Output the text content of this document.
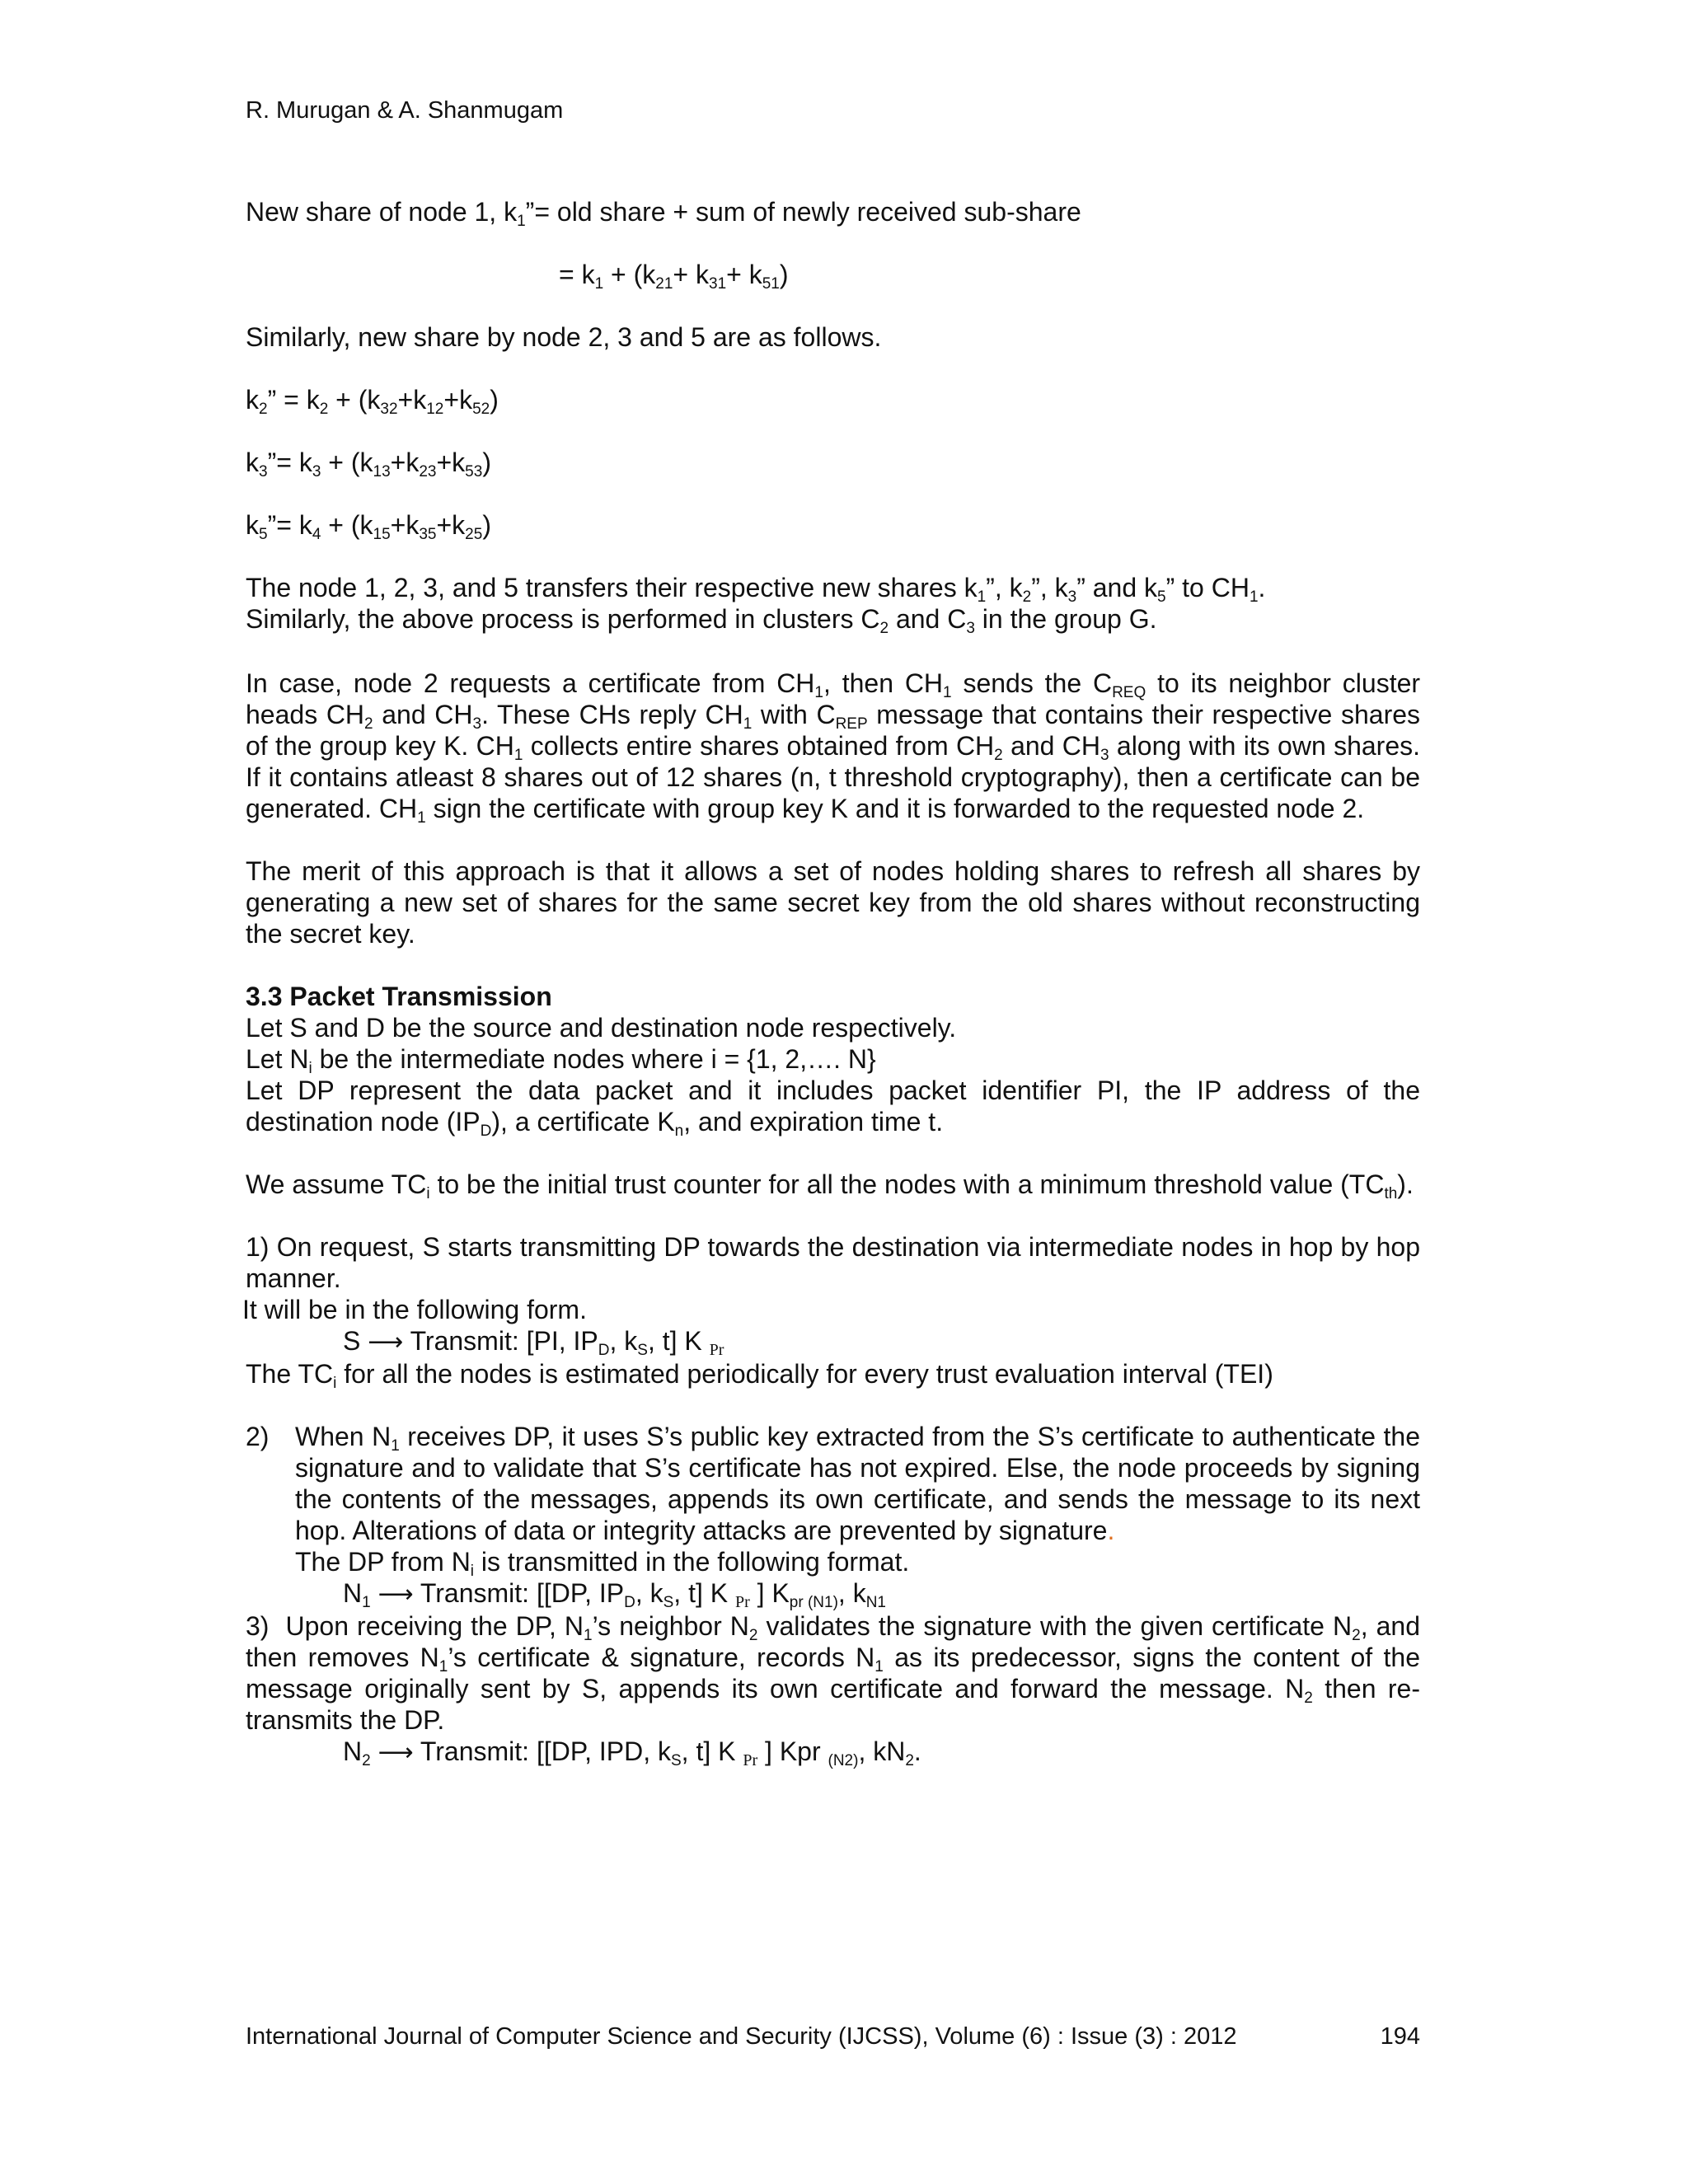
R. Murugan & A. Shanmugam

New share of node 1, $k_1”=$ old share + sum of newly received sub-share

= $k_1 + (k_{21}+ k_{31}+ k_{51})$

Similarly, new share by node 2, 3 and 5 are as follows.

$k_2$” = $k_2 + (k_{32}+k_{12}+k_{52})$

$k_3”= k_3 + (k_{13}+k_{23}+k_{53})$

$k_5”= k_4 + (k_{15}+k_{35}+k_{25})$

The node 1, 2, 3, and 5 transfers their respective new shares $k_1$”, $k_2$”, $k_3$” and $k_5$” to $CH_1$.

Similarly, the above process is performed in clusters $C_2$ and $C_3$ in the group G.

In case, node 2 requests a certificate from $CH_1$, then $CH_1$ sends the $C_{REQ}$ to its neighbor cluster heads $CH_2$ and $CH_3$. These CHs reply $CH_1$ with $C_{REP}$ message that contains their respective shares of the group key K. $CH_1$ collects entire shares obtained from $CH_2$ and $CH_3$ along with its own shares. If it contains atleast 8 shares out of 12 shares (n, t threshold cryptography), then a certificate can be generated. $CH_1$ sign the certificate with group key K and it is forwarded to the requested node 2.

The merit of this approach is that it allows a set of nodes holding shares to refresh all shares by generating a new set of shares for the same secret key from the old shares without reconstructing the secret key.

3.3 Packet Transmission

Let S and D be the source and destination node respectively.

Let $N_i$ be the intermediate nodes where i = {1, 2,…. N}

Let DP represent the data packet and it includes packet identifier PI, the IP address of the destination node $(IP_D)$, a certificate $K_n$, and expiration time t.

We assume $TC_i$ to be the initial trust counter for all the nodes with a minimum threshold value $(TC_{th})$.

1) On request, S starts transmitting DP towards the destination via intermediate nodes in hop by hop manner.

It will be in the following form.

S ⟶ Transmit: [PI, $IP_D$, $k_S$, t] K $_{Pr}$

The $TC_i$ for all the nodes is estimated periodically for every trust evaluation interval (TEI)

2) When $N_1$ receives DP, it uses S’s public key extracted from the S’s certificate to authenticate the signature and to validate that S’s certificate has not expired. Else, the node proceeds by signing the contents of the messages, appends its own certificate, and sends the message to its next hop. Alterations of data or integrity attacks are prevented by signature.
The DP from $N_i$ is transmitted in the following format.

$N_1$ ⟶ Transmit: [[DP, $IP_D$, $k_S$, t] K $_{Pr}$ ] $K_{pr (N1)}$, $k_{N1}$

3)  Upon receiving the DP, $N_1’s$ neighbor $N_2$ validates the signature with the given certificate $N_2$, and then removes $N_1’s$ certificate & signature, records $N_1$ as its predecessor, signs the content of the message originally sent by S, appends its own certificate and forward the message. $N_2$ then re-transmits the DP.

$N_2$ ⟶ Transmit: [[DP, IPD, $k_S$, t] K $_{Pr}$ ] Kpr $_{(N2)}$, $kN_2$.

International Journal of Computer Science and Security (IJCSS), Volume (6) : Issue (3) : 2012	194
